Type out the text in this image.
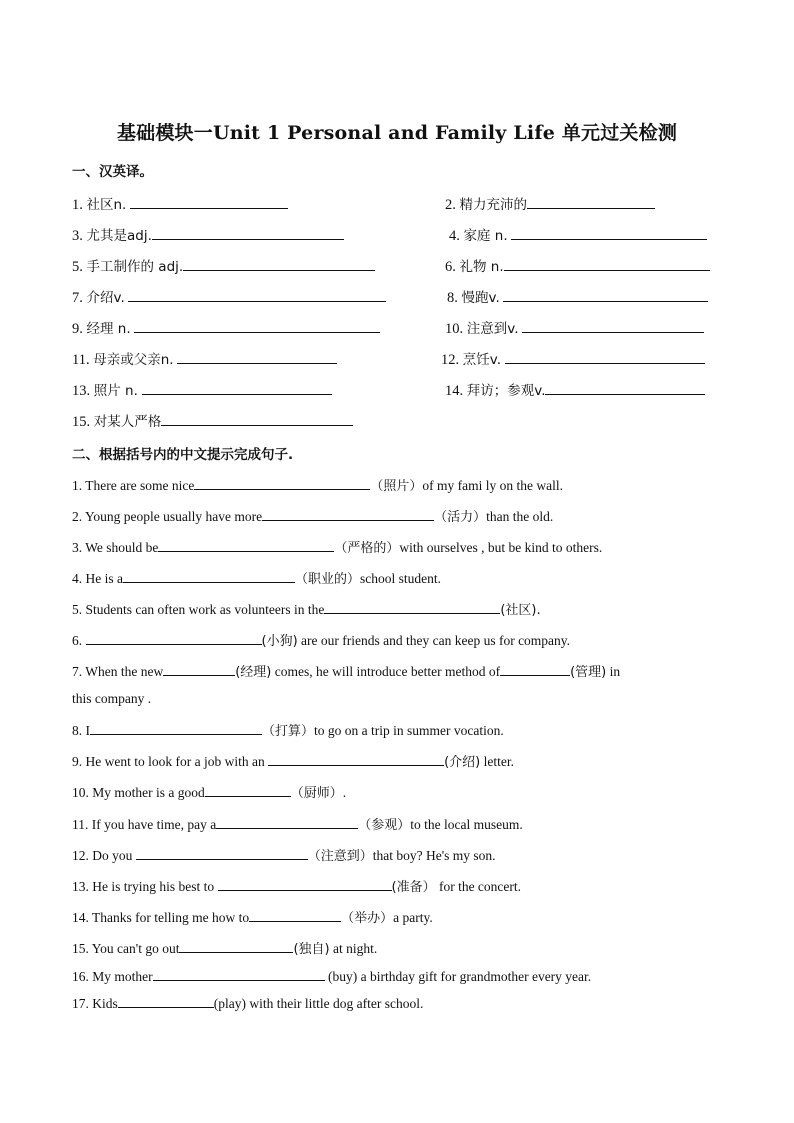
基础模块一Unit 1 Personal and Family Life 单元过关检测
一、汉英译。
1. 社区n.	2. 精力充沛的
3. 尤其是adj.	4. 家庭 n.
5. 手工制作的 adj.	6. 礼物 n.
7. 介绍v.	8. 慢跑v.
9. 经理 n.	10. 注意到v.
11. 母亲或父亲n.	12. 烹饪v.
13. 照片 n.	14. 拜访；参观v.
15. 对某人严格
二、根据括号内的中文提示完成句子.
1. There are some nice	（照片）of my fami ly on the wall.
2. Young people usually have more	（活力）than the old.
3. We should be	（严格的）with ourselves , but be kind to others.
4. He is a	（职业的）school student.
5. Students can often work as volunteers in the	(社区).
6.	(小狗) are our friends and they can keep us for company.
7. When the new	(经理) comes, he will introduce better method of	(管理) in
this company .
8. I	（打算）to go on a trip in summer vocation.
9. He went to look for a job with an	(介绍) letter.
10. My mother is a good	（厨师）.
11. If you have time, pay a	（参观）to the local museum.
12. Do you	（注意到）that boy? He's my son.
13. He is trying his best to	(准备） for the concert.
14. Thanks for telling me how to	（举办）a party.
15. You can't go out	(独自) at night.
16. My mother	(buy) a birthday gift for grandmother every year.
17. Kids	(play) with their little dog after school.
